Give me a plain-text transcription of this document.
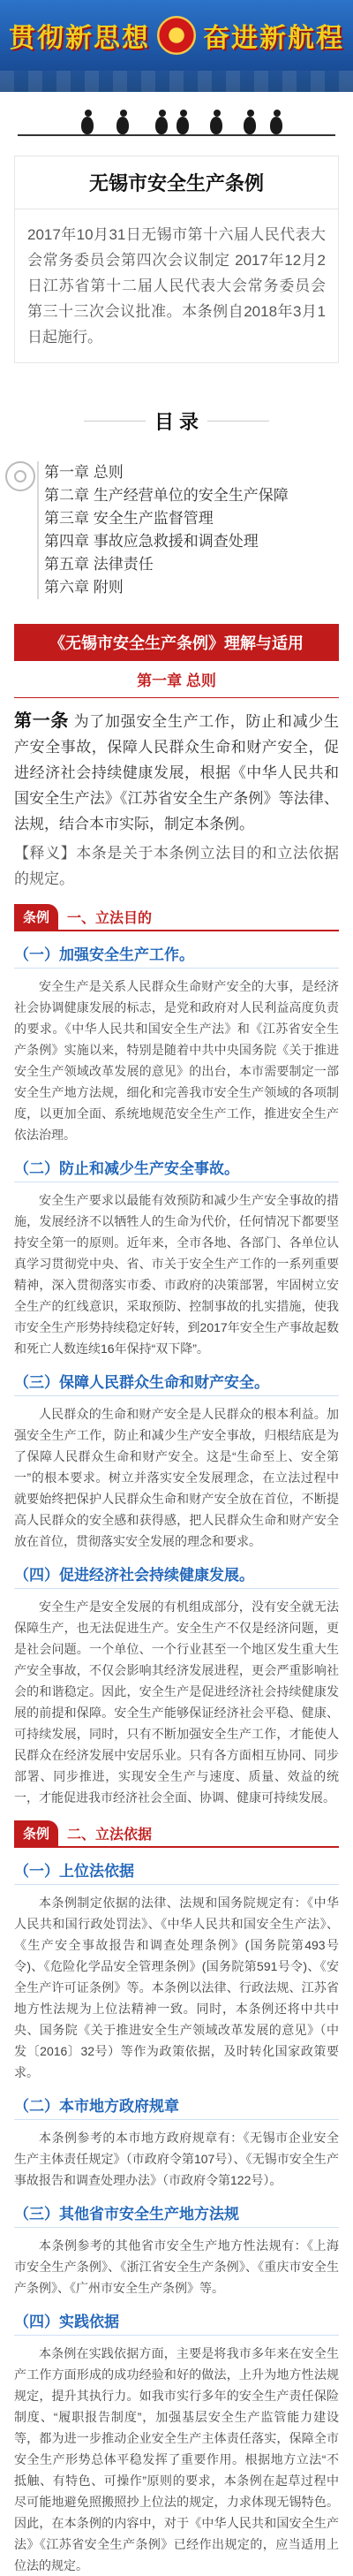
贯彻新思想 奋进新航程
无锡市安全生产条例
2017年10月31日无锡市第十六届人民代表大会常务委员会第四次会议制定 2017年12月2日江苏省第十二届人民代表大会常务委员会第三十三次会议批准。本条例自2018年3月1日起施行。
目 录
第一章 总则
第二章 生产经营单位的安全生产保障
第三章 安全生产监督管理
第四章 事故应急救援和调查处理
第五章 法律责任
第六章 附则
《无锡市安全生产条例》理解与适用
第一章 总则
第一条 为了加强安全生产工作，防止和减少生产安全事故，保障人民群众生命和财产安全，促进经济社会持续健康发展，根据《中华人民共和国安全生产法》《江苏省安全生产条例》等法律、法规，结合本市实际，制定本条例。
【释义】本条是关于本条例立法目的和立法依据的规定。
条例	一、立法目的
（一）加强安全生产工作。
安全生产是关系人民群众生命财产安全的大事，是经济社会协调健康发展的标志，是党和政府对人民利益高度负责的要求。《中华人民共和国安全生产法》和《江苏省安全生产条例》实施以来，特别是随着中共中央国务院《关于推进安全生产领域改革发展的意见》的出台，本市需要制定一部安全生产地方法规，细化和完善我市安全生产领域的各项制度，以更加全面、系统地规范安全生产工作，推进安全生产依法治理。
（二）防止和减少生产安全事故。
安全生产要求以最能有效预防和减少生产安全事故的措施，发展经济不以牺牲人的生命为代价，任何情况下都要坚持安全第一的原则。近年来，全市各地、各部门、各单位认真学习贯彻党中央、省、市关于安全生产工作的一系列重要精神，深入贯彻落实市委、市政府的决策部署，牢固树立安全生产的红线意识，采取预防、控制事故的扎实措施，使我市安全生产形势持续稳定好转，到2017年安全生产事故起数和死亡人数连续16年保持“双下降”。
（三）保障人民群众生命和财产安全。
人民群众的生命和财产安全是人民群众的根本利益。加强安全生产工作，防止和减少生产安全事故，归根结底是为了保障人民群众生命和财产安全。这是“生命至上、安全第一”的根本要求。树立并落实安全发展理念，在立法过程中就要始终把保护人民群众生命和财产安全放在首位，不断提高人民群众的安全感和获得感，把人民群众生命和财产安全放在首位，贯彻落实安全发展的理念和要求。
（四）促进经济社会持续健康发展。
安全生产是安全发展的有机组成部分，没有安全就无法保障生产，也无法促进生产。安全生产不仅是经济问题，更是社会问题。一个单位、一个行业甚至一个地区发生重大生产安全事故，不仅会影响其经济发展进程，更会严重影响社会的和谐稳定。因此，安全生产是促进经济社会持续健康发展的前提和保障。安全生产能够保证经济社会平稳、健康、可持续发展，同时，只有不断加强安全生产工作，才能使人民群众在经济发展中安居乐业。只有各方面相互协同、同步部署、同步推进，实现安全生产与速度、质量、效益的统一，才能促进我市经济社会全面、协调、健康可持续发展。
条例	二、立法依据
（一）上位法依据
本条例制定依据的法律、法规和国务院规定有：《中华人民共和国行政处罚法》、《中华人民共和国安全生产法》、《生产安全事故报告和调查处理条例》(国务院第493号令)、《危险化学品安全管理条例》(国务院第591号令)、《安全生产许可证条例》等。本条例以法律、行政法规、江苏省地方性法规为上位法精神一致。同时，本条例还将中共中央、国务院《关于推进安全生产领域改革发展的意见》（中发〔2016〕32号）等作为政策依据，及时转化国家政策要求。
（二）本市地方政府规章
本条例参考的本市地方政府规章有：《无锡市企业安全生产主体责任规定》（市政府令第107号）、《无锡市安全生产事故报告和调查处理办法》（市政府令第122号）。
（三）其他省市安全生产地方法规
本条例参考的其他省市安全生产地方性法规有：《上海市安全生产条例》、《浙江省安全生产条例》、《重庆市安全生产条例》、《广州市安全生产条例》等。
（四）实践依据
本条例在实践依据方面，主要是将我市多年来在安全生产工作方面形成的成功经验和好的做法，上升为地方性法规规定，提升其执行力。如我市实行多年的安全生产责任保险制度、“履职报告制度”，加强基层安全生产监管能力建设等，都为进一步推动企业安全生产主体责任落实，保障全市安全生产形势总体平稳发挥了重要作用。根据地方立法“不抵触、有特色、可操作”原则的要求，本条例在起草过程中尽可能地避免照搬照抄上位法的规定，力求体现无锡特色。因此，在本条例的内容中，对于《中华人民共和国安全生产法》《江苏省安全生产条例》已经作出规定的，应当适用上位法的规定。
